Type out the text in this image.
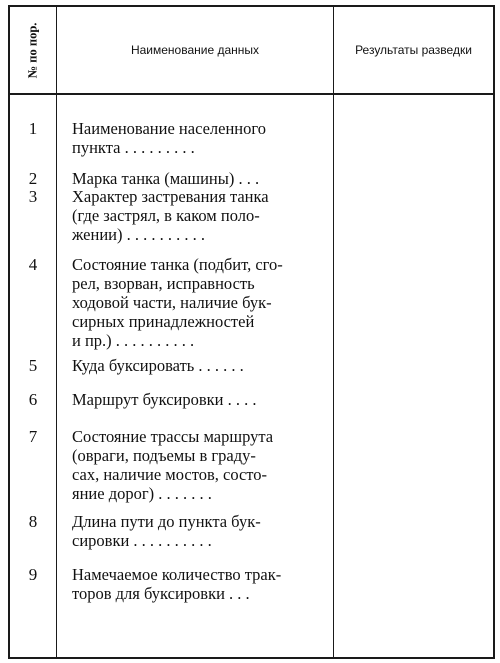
№ по пор.	Наименование данных	Результаты разведки
1	Наименование населенного
пункта . . . . . . . . .
2	Марка танка (машины) . . .
3	Характер застревания танка
(где застрял, в каком поло-
жении) . . . . . . . . . .
4	Состояние танка (подбит, сго-
рел, взорван, исправность
ходовой части, наличие бук-
сирных принадлежностей
и пр.) . . . . . . . . . .
5	Куда буксировать . . . . . .
6	Маршрут буксировки . . . .
7	Состояние трассы маршрута
(овраги, подъемы в граду-
сах, наличие мостов, состо-
яние дорог) . . . . . . .
8	Длина пути до пункта бук-
сировки . . . . . . . . . .
9	Намечаемое количество трак-
торов для буксировки . . .
